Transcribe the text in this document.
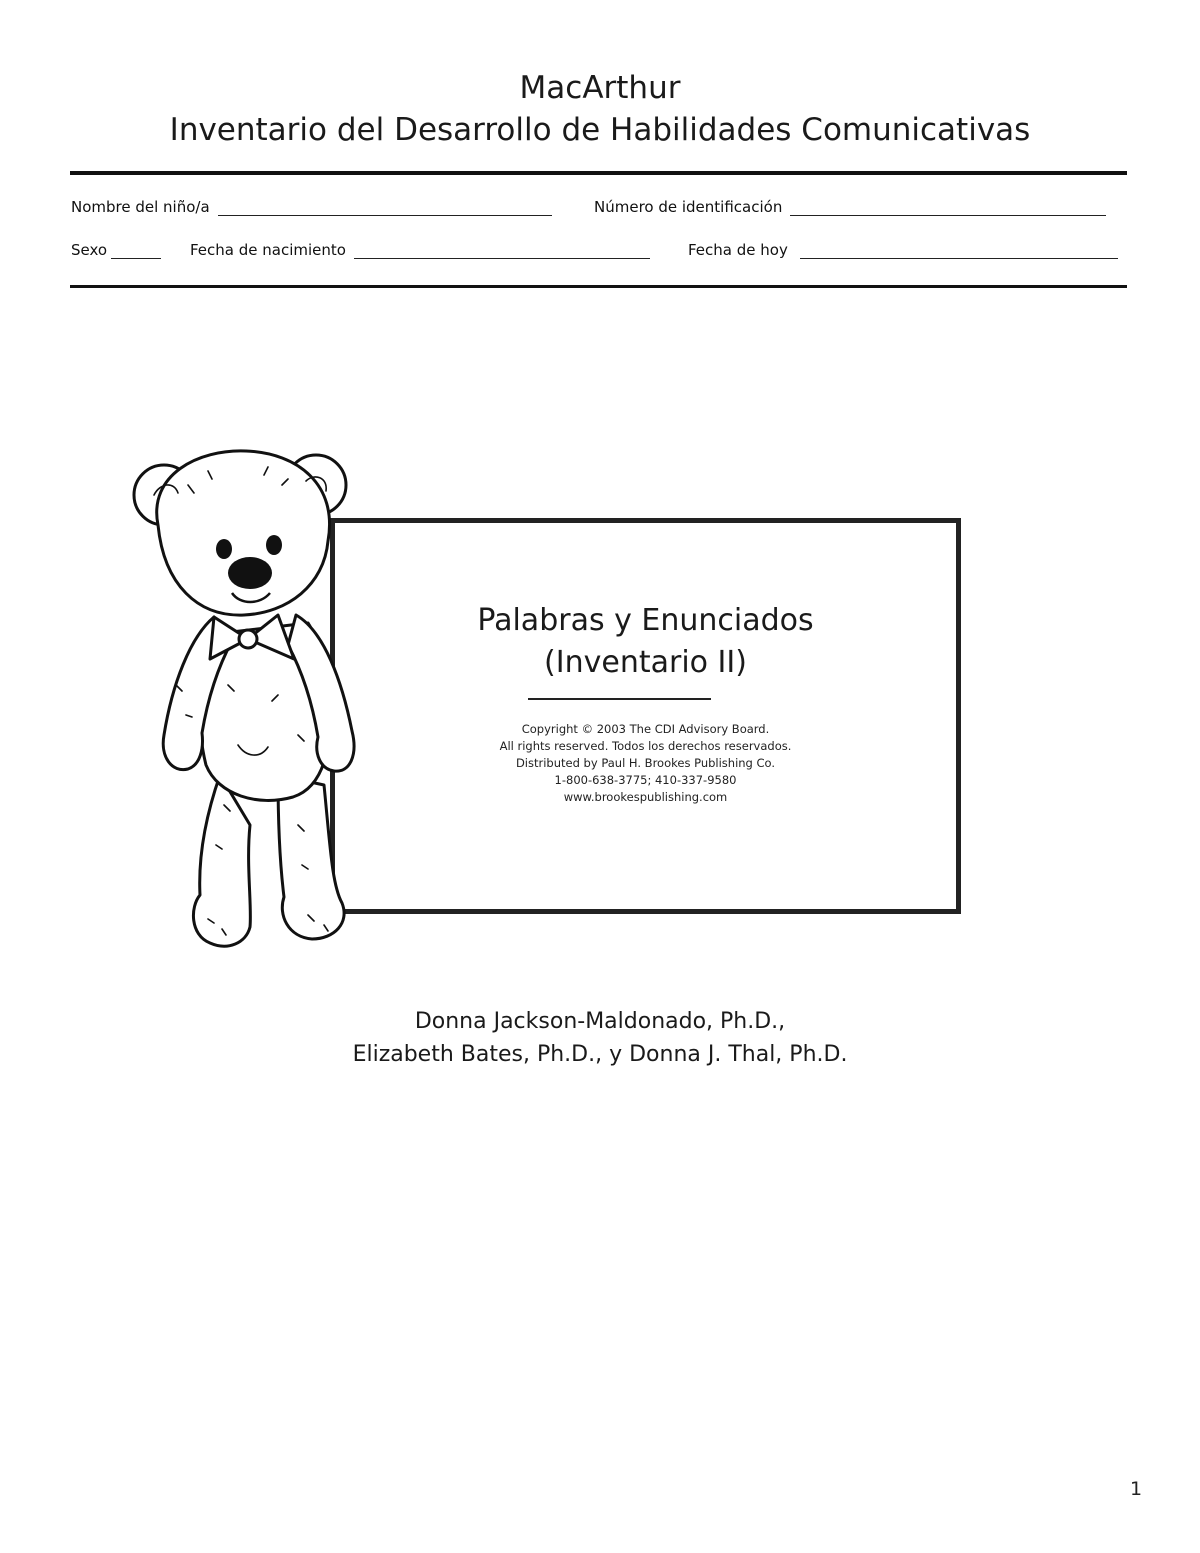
MacArthur
Inventario del Desarrollo de Habilidades Comunicativas
Nombre del niño/a	Número de identificación
Sexo	Fecha de nacimiento	Fecha de hoy
Palabras y Enunciados
(Inventario II)
Copyright © 2003 The CDI Advisory Board.
All rights reserved. Todos los derechos reservados.
Distributed by Paul H. Brookes Publishing Co.
1-800-638-3775; 410-337-9580
www.brookespublishing.com
Donna Jackson-Maldonado, Ph.D.,
Elizabeth Bates, Ph.D., y Donna J. Thal, Ph.D.
1
